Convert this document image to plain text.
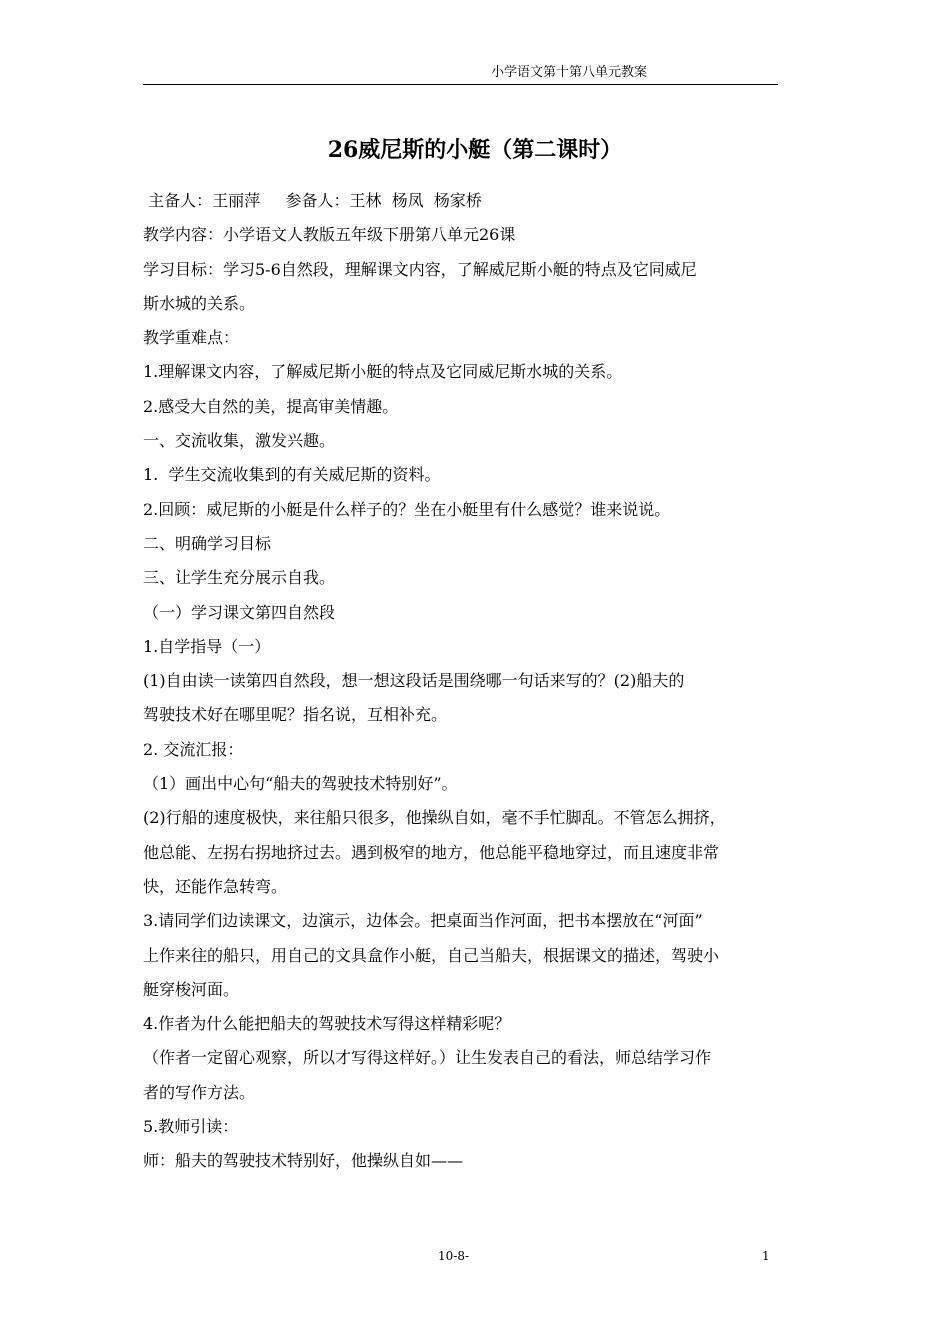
小学语文第十第八单元教案
26威尼斯的小艇（第二课时）

主备人：王丽萍     参备人：王林  杨凤  杨家桥

教学内容：小学语文人教版五年级下册第八单元26课

学习目标：学习5-6自然段，理解课文内容，了解威尼斯小艇的特点及它同威尼

斯水城的关系。

教学重难点：

1.理解课文内容，了解威尼斯小艇的特点及它同威尼斯水城的关系。

2.感受大自然的美，提高审美情趣。

一、交流收集，激发兴趣。

1.  学生交流收集到的有关威尼斯的资料。

2.回顾：威尼斯的小艇是什么样子的？坐在小艇里有什么感觉？谁来说说。

二、明确学习目标

三、让学生充分展示自我。

（一）学习课文第四自然段

1.自学指导（一）

(1)自由读一读第四自然段，想一想这段话是围绕哪一句话来写的？(2)船夫的

驾驶技术好在哪里呢？指名说，互相补充。

2. 交流汇报：

（1）画出中心句“船夫的驾驶技术特别好”。

(2)行船的速度极快，来往船只很多，他操纵自如，毫不手忙脚乱。不管怎么拥挤，

他总能、左拐右拐地挤过去。遇到极窄的地方，他总能平稳地穿过，而且速度非常

快，还能作急转弯。

3.请同学们边读课文，边演示，边体会。把桌面当作河面，把书本摆放在“河面”

上作来往的船只，用自己的文具盒作小艇，自己当船夫，根据课文的描述，驾驶小

艇穿梭河面。

4.作者为什么能把船夫的驾驶技术写得这样精彩呢？

（作者一定留心观察，所以才写得这样好。）让生发表自己的看法，师总结学习作

者的写作方法。

5.教师引读：

师：船夫的驾驶技术特别好，他操纵自如——

10-8-	1
